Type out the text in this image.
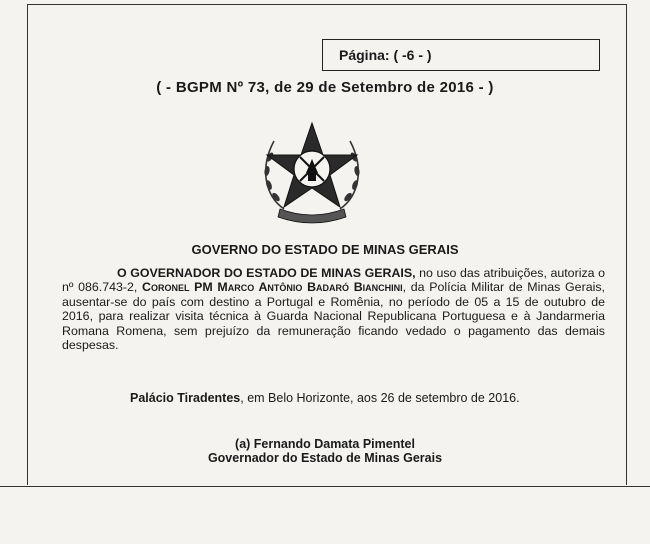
Página: ( -6 - )
( - BGPM Nº 73, de 29 de Setembro de 2016 - )
GOVERNO DO ESTADO DE MINAS GERAIS
O GOVERNADOR DO ESTADO DE MINAS GERAIS, no uso das atribuições, autoriza o nº 086.743-2, Coronel PM Marco Antônio Badaró Bianchini, da Polícia Militar de Minas Gerais, ausentar-se do país com destino a Portugal e Romênia, no período de 05 a 15 de outubro de 2016, para realizar visita técnica à Guarda Nacional Republicana Portuguesa e à Jandarmeria Romana Romena, sem prejuízo da remuneração ficando vedado o pagamento das demais despesas.
Palácio Tiradentes, em Belo Horizonte, aos 26 de setembro de 2016.
(a) Fernando Damata Pimentel
Governador do Estado de Minas Gerais
